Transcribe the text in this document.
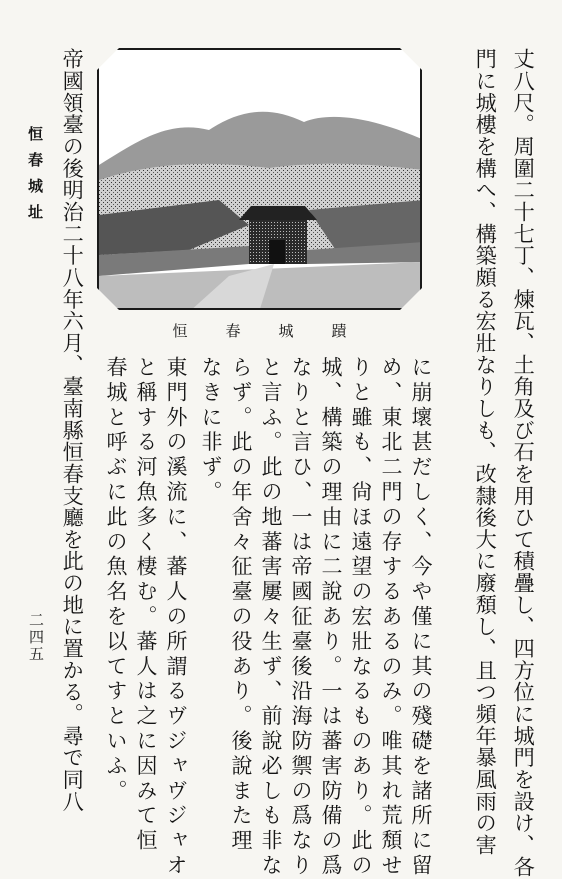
丈八尺。周圍二十七丁、煉瓦、土角及び石を用ひて積疊し、四方位に城門を設け、各
門に城樓を構へ、構築頗る宏壯なりしも、改隸後大に廢頽し、且つ頻年暴風雨の害
恒春城蹟
に崩壞甚だしく、今や僅に其の殘礎を諸所に留
め、東北二門の存するあるのみ。唯其れ荒頽せ
りと雖も、尙ほ遠望の宏壯なるものあり。此の
城、構築の理由に二說あり。一は蕃害防備の爲
なりと言ひ、一は帝國征臺後沿海防禦の爲なり
と言ふ。此の地蕃害屢々生ず、前說必しも非な
らず。此の年舍々征臺の役あり。後說また理
なきに非ず。
東門外の溪流に、蕃人の所謂るヴジャヴジャオ
と稱する河魚多く棲む。蕃人は之に因みて恒
春城と呼ぶに此の魚名を以てすといふ。
帝國領臺の後明治二十八年六月、臺南縣恒春支廳を此の地に置かる。尋で同八
恒春城址
二四五
